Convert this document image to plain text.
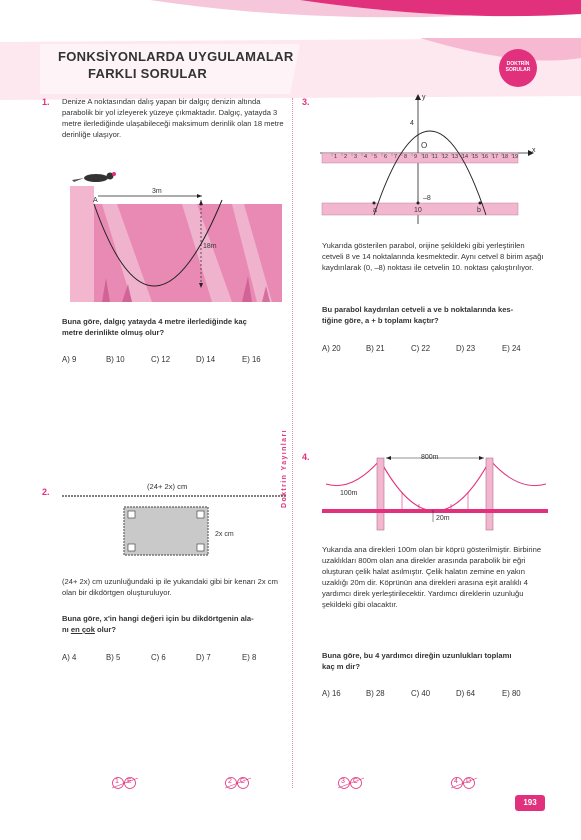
FONKSİYONLARDA UYGULAMALAR
FARKLI SORULAR
DOKTRİN
SORULAR
Doktrin Yayınları
1. Denize A noktasından dalış yapan bir dalgıç denizin altında parabolik bir yol izleyerek yüzeye çıkmaktadır. Dalgıç, yatayda 3 metre ilerlediğinde ulaşabileceği maksimum derinlik olan 18 metre derinliğe ulaşıyor.
A
3m
18m
Buna göre, dalgıç yatayda 4 metre ilerlediğinde kaç
metre derinlikte olmuş olur?
A) 9	B) 10	C) 12	D) 14	E) 16
2.
(24+ 2x) cm
2x cm
(24+ 2x) cm uzunluğundaki ip ile yukarıdaki gibi bir kenarı 2x cm olan bir dikdörtgen oluşturuluyor.
Buna göre, x'in hangi değeri için bu dikdörtgenin ala-
nı en çok olur?
A) 4	B) 5	C) 6	D) 7	E) 8
3.	y
x
4
O
1 2 3 4 5 6 7 8 9 10 11 12 13 14 15 16 17 18 19
–8
a	10	b
Yukarıda gösterilen parabol, orijine şekildeki gibi yerleştirilen cetveli 8 ve 14 noktalarında kesmektedir. Aynı cetvel 8 birim aşağı kaydırılarak (0, –8) noktası ile cetvelin 10. noktası çakıştırılıyor.
Bu parabol kaydırılan cetveli a ve b noktalarında kes-
tiğine göre, a + b toplamı kaçtır?
A) 20	B) 21	C) 22	D) 23	E) 24
4.	800m
100m
20m
Yukarıda ana direkleri 100m olan bir köprü gösterilmiştir. Birbirine uzaklıkları 800m olan ana direkler arasında parabolik bir eğri oluşturan çelik halat asılmıştır. Çelik halatın zemine en yakın uzaklığı 20m dir. Köprünün ana direkleri arasına eşit aralıklı 4 yardımcı direk yerleştirilecektir. Yardımcı direklerin uzunluğu şekildeki gibi olacaktır.
Buna göre, bu 4 yardımcı direğin uzunlukları toplamı
kaç m dir?
A) 16	B) 28	C) 40	D) 64	E) 80
1 E	2 C	3 C	4 D
193
